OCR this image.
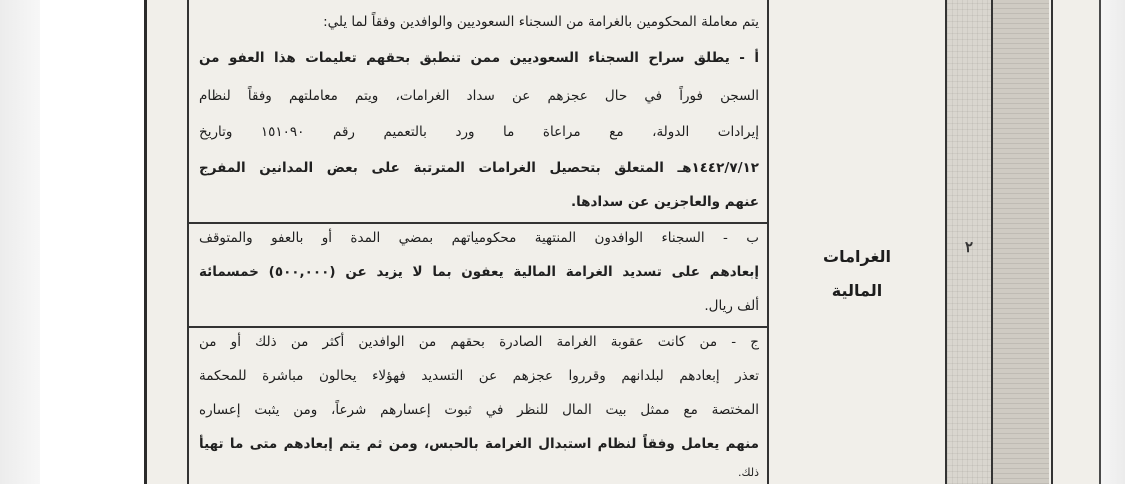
يتم معاملة المحكومين بالغرامة من السجناء السعوديين والوافدين وفقاً لما يلي:
أ - يطلق سراح السجناء السعوديين ممن تنطبق بحقهم تعليمات هذا العفو من
السجن فوراً في حال عجزهم عن سداد الغرامات، ويتم معاملتهم وفقاً لنظام
إيرادات الدولة، مع مراعاة ما ورد بالتعميم رقم ١٥١٠٩٠ وتاريخ
١٤٤٢/٧/١٢هـ المتعلق بتحصيل الغرامات المترتبة على بعض المدانين المفرج
عنهم والعاجزين عن سدادها.
ب - السجناء الوافدون المنتهية محكومياتهم بمضي المدة أو بالعفو والمتوقف
إبعادهم على تسديد الغرامة المالية يعفون بما لا يزيد عن (٥٠٠,٠٠٠) خمسمائة
ألف ريال.
ج - من كانت عقوبة الغرامة الصادرة بحقهم من الوافدين أكثر من ذلك أو من
تعذر إبعادهم لبلدانهم وقرروا عجزهم عن التسديد فهؤلاء يحالون مباشرة للمحكمة
المختصة مع ممثل بيت المال للنظر في ثبوت إعسارهم شرعاً، ومن يثبت إعساره
منهم يعامل وفقاً لنظام استبدال الغرامة بالحبس، ومن ثم يتم إبعادهم متى ما تهيأ
ذلك.
الغرامات
المالية
٢
